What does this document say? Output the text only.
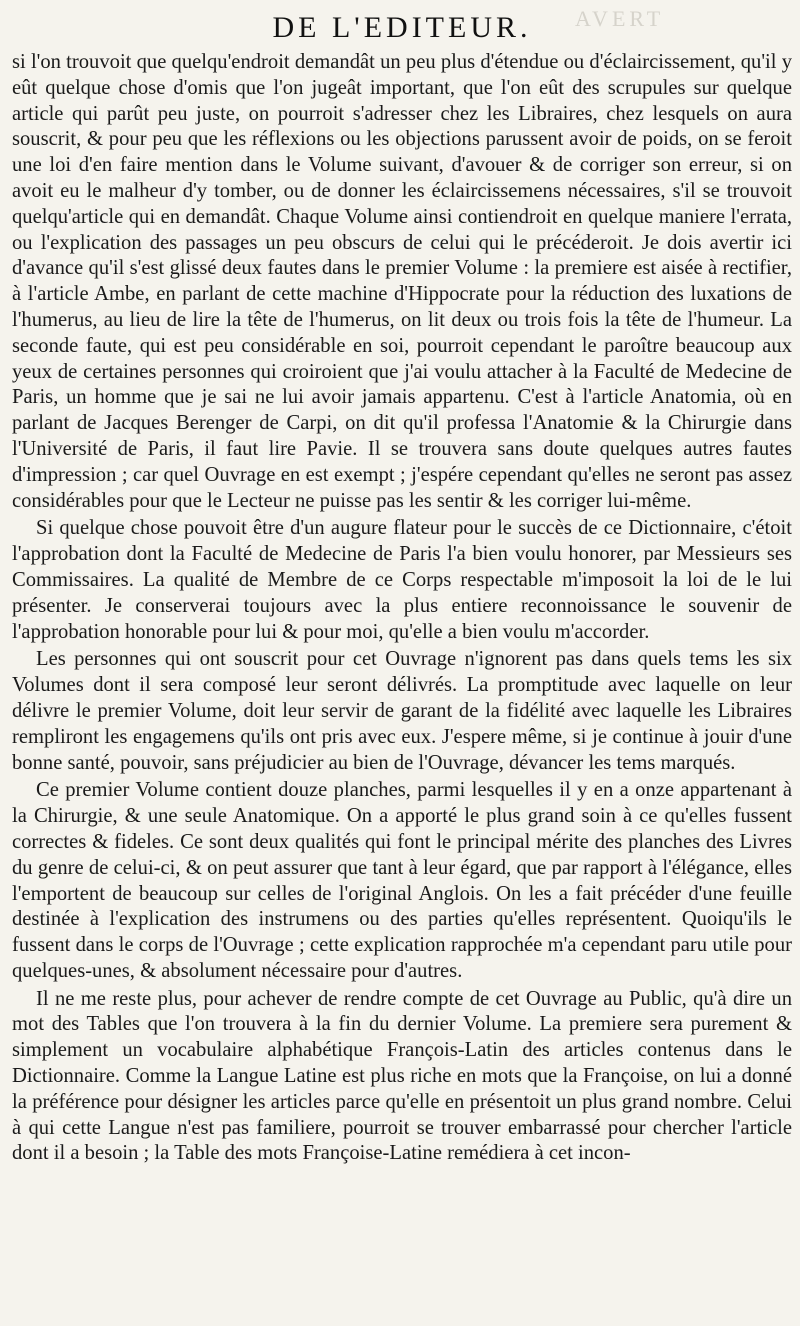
AVERT
DE L'EDITEUR.

si l'on trouvoit que quelqu'endroit demandât un peu plus d'étendue ou d'éclaircissement, qu'il y eût quelque chose d'omis que l'on jugeât important, que l'on eût des scrupules sur quelque article qui parût peu juste, on pourroit s'adresser chez les Libraires, chez lesquels on aura souscrit, & pour peu que les réflexions ou les objections parussent avoir de poids, on se feroit une loi d'en faire mention dans le Volume suivant, d'avouer & de corriger son erreur, si on avoit eu le malheur d'y tomber, ou de donner les éclaircissemens nécessaires, s'il se trouvoit quelqu'article qui en demandât. Chaque Volume ainsi contiendroit en quelque maniere l'errata, ou l'explication des passages un peu obscurs de celui qui le précéderoit. Je dois avertir ici d'avance qu'il s'est glissé deux fautes dans le premier Volume : la premiere est aisée à rectifier, à l'article Ambe, en parlant de cette machine d'Hippocrate pour la réduction des luxations de l'humerus, au lieu de lire la tête de l'humerus, on lit deux ou trois fois la tête de l'humeur. La seconde faute, qui est peu considérable en soi, pourroit cependant le paroître beaucoup aux yeux de certaines personnes qui croiroient que j'ai voulu attacher à la Faculté de Medecine de Paris, un homme que je sai ne lui avoir jamais appartenu. C'est à l'article Anatomia, où en parlant de Jacques Berenger de Carpi, on dit qu'il professa l'Anatomie & la Chirurgie dans l'Université de Paris, il faut lire Pavie. Il se trouvera sans doute quelques autres fautes d'impression ; car quel Ouvrage en est exempt ; j'espére cependant qu'elles ne seront pas assez considérables pour que le Lecteur ne puisse pas les sentir & les corriger lui-même.

Si quelque chose pouvoit être d'un augure flateur pour le succès de ce Dictionnaire, c'étoit l'approbation dont la Faculté de Medecine de Paris l'a bien voulu honorer, par Messieurs ses Commissaires. La qualité de Membre de ce Corps respectable m'imposoit la loi de le lui présenter. Je conserverai toujours avec la plus entiere reconnoissance le souvenir de l'approbation honorable pour lui & pour moi, qu'elle a bien voulu m'accorder.

Les personnes qui ont souscrit pour cet Ouvrage n'ignorent pas dans quels tems les six Volumes dont il sera composé leur seront délivrés. La promptitude avec laquelle on leur délivre le premier Volume, doit leur servir de garant de la fidélité avec laquelle les Libraires rempliront les engagemens qu'ils ont pris avec eux. J'espere même, si je continue à jouir d'une bonne santé, pouvoir, sans préjudicier au bien de l'Ouvrage, dévancer les tems marqués.

Ce premier Volume contient douze planches, parmi lesquelles il y en a onze appartenant à la Chirurgie, & une seule Anatomique. On a apporté le plus grand soin à ce qu'elles fussent correctes & fideles. Ce sont deux qualités qui font le principal mérite des planches des Livres du genre de celui-ci, & on peut assurer que tant à leur égard, que par rapport à l'élégance, elles l'emportent de beaucoup sur celles de l'original Anglois. On les a fait précéder d'une feuille destinée à l'explication des instrumens ou des parties qu'elles représentent. Quoiqu'ils le fussent dans le corps de l'Ouvrage ; cette explication rapprochée m'a cependant paru utile pour quelques-unes, & absolument nécessaire pour d'autres.

Il ne me reste plus, pour achever de rendre compte de cet Ouvrage au Public, qu'à dire un mot des Tables que l'on trouvera à la fin du dernier Volume. La premiere sera purement & simplement un vocabulaire alphabétique François-Latin des articles contenus dans le Dictionnaire. Comme la Langue Latine est plus riche en mots que la Françoise, on lui a donné la préférence pour désigner les articles parce qu'elle en présentoit un plus grand nombre. Celui à qui cette Langue n'est pas familiere, pourroit se trouver embarrassé pour chercher l'article dont il a besoin ; la Table des mots Françoise-Latine remédiera à cet incon-
